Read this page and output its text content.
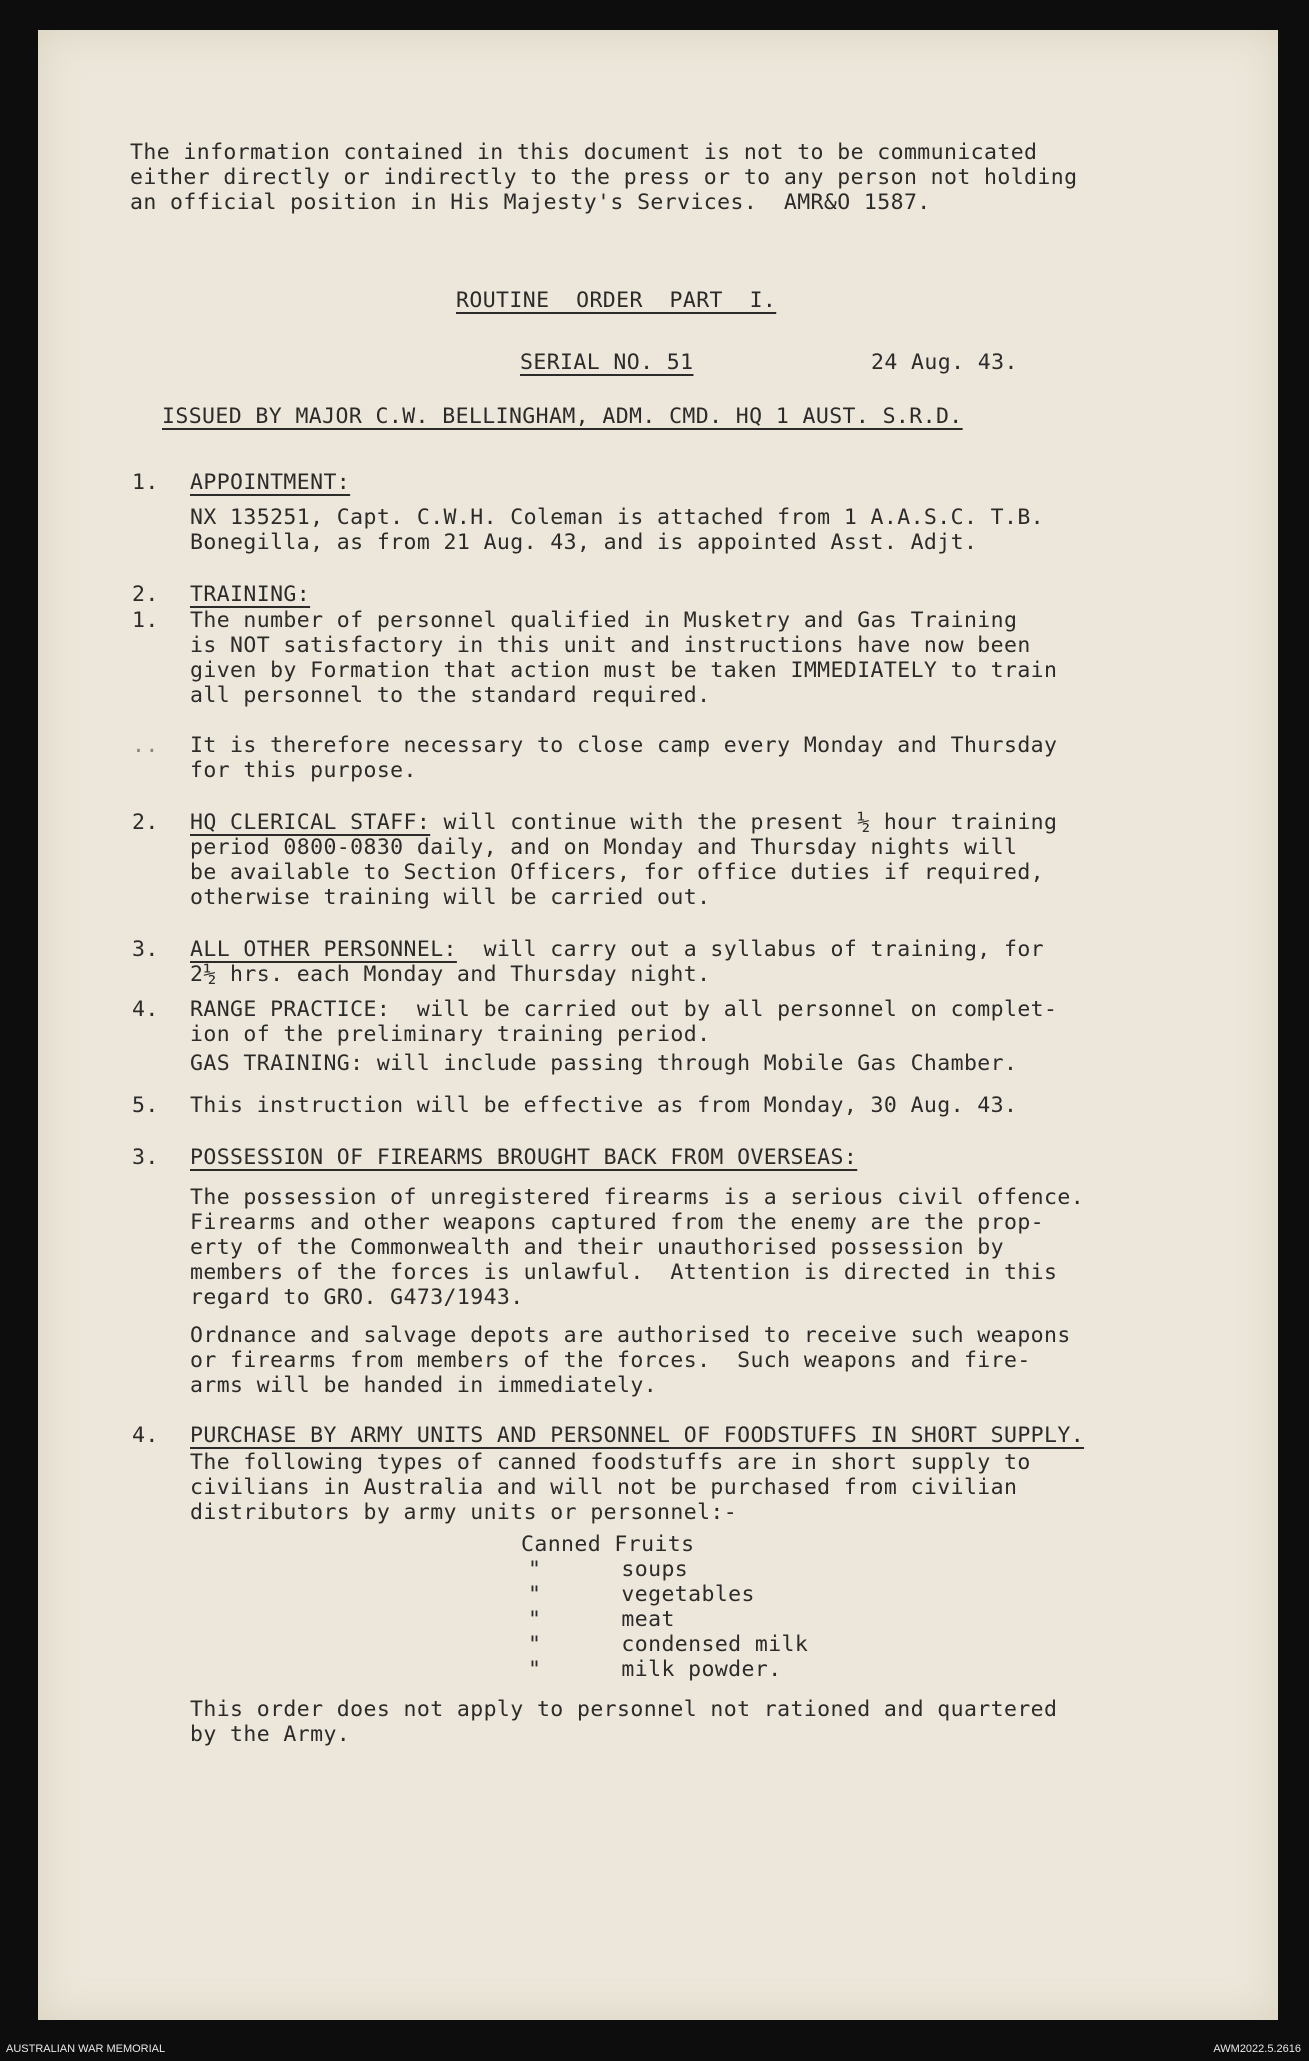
The information contained in this document is not to be communicated
either directly or indirectly to the press or to any person not holding
an official position in His Majesty's Services.  AMR&O 1587.
ROUTINE  ORDER  PART  I.
SERIAL NO. 51	24 Aug. 43.
ISSUED BY MAJOR C.W. BELLINGHAM, ADM. CMD. HQ 1 AUST. S.R.D.
1. APPOINTMENT:
NX 135251, Capt. C.W.H. Coleman is attached from 1 A.A.S.C. T.B.
Bonegilla, as from 21 Aug. 43, and is appointed Asst. Adjt.
2. TRAINING:
1. The number of personnel qualified in Musketry and Gas Training
is NOT satisfactory in this unit and instructions have now been
given by Formation that action must be taken IMMEDIATELY to train
all personnel to the standard required.
.. It is therefore necessary to close camp every Monday and Thursday
for this purpose.
2. HQ CLERICAL STAFF: will continue with the present ½ hour training
period 0800-0830 daily, and on Monday and Thursday nights will
be available to Section Officers, for office duties if required,
otherwise training will be carried out.
3. ALL OTHER PERSONNEL:  will carry out a syllabus of training, for
2½ hrs. each Monday and Thursday night.
4. RANGE PRACTICE:  will be carried out by all personnel on complet-
ion of the preliminary training period.
GAS TRAINING: will include passing through Mobile Gas Chamber.
5. This instruction will be effective as from Monday, 30 Aug. 43.
3. POSSESSION OF FIREARMS BROUGHT BACK FROM OVERSEAS:
The possession of unregistered firearms is a serious civil offence.
Firearms and other weapons captured from the enemy are the prop-
erty of the Commonwealth and their unauthorised possession by
members of the forces is unlawful.  Attention is directed in this
regard to GRO. G473/1943.
Ordnance and salvage depots are authorised to receive such weapons
or firearms from members of the forces.  Such weapons and fire-
arms will be handed in immediately.
4. PURCHASE BY ARMY UNITS AND PERSONNEL OF FOODSTUFFS IN SHORT SUPPLY.
The following types of canned foodstuffs are in short supply to
civilians in Australia and will not be purchased from civilian
distributors by army units or personnel:-
Canned Fruits
"      soups
"      vegetables
"      meat
"      condensed milk
"      milk powder.
This order does not apply to personnel not rationed and quartered
by the Army.
AUSTRALIAN WAR MEMORIAL	AWM2022.5.2616
